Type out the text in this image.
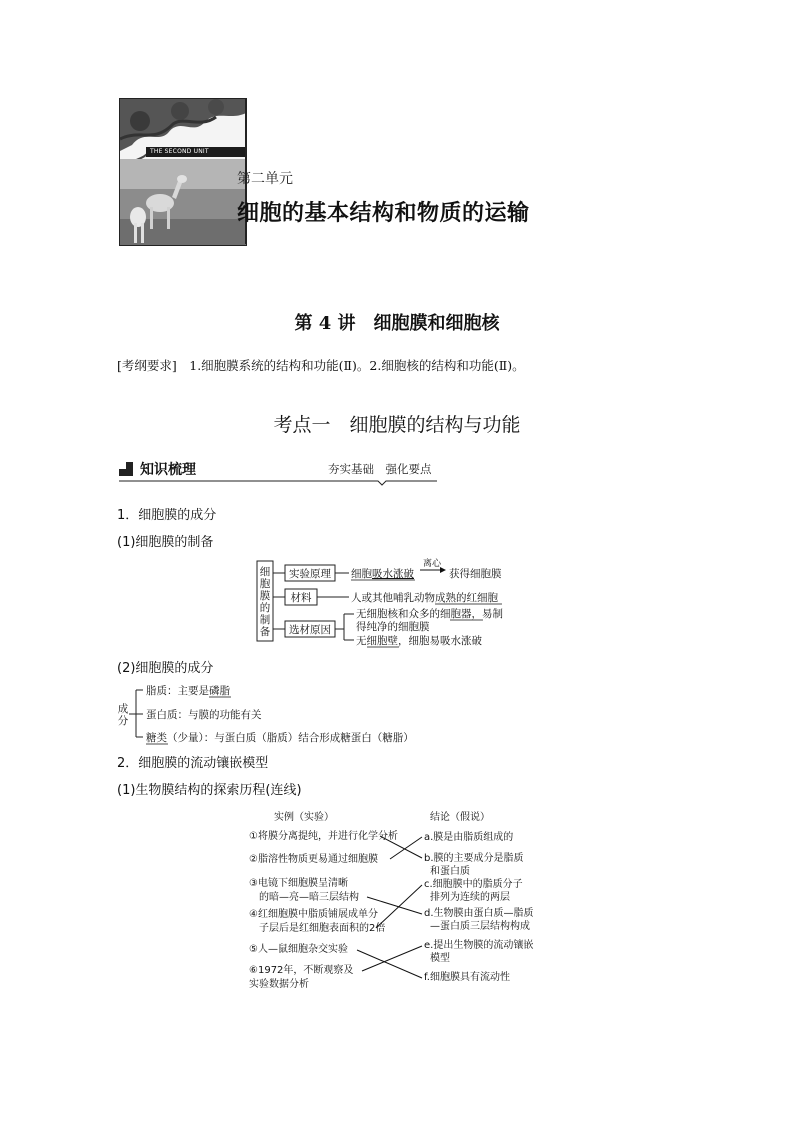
THE SECOND UNIT
第二单元
细胞的基本结构和物质的运输
第 4 讲　细胞膜和细胞核
[考纲要求]　1.细胞膜系统的结构和功能(Ⅱ)。2.细胞核的结构和功能(Ⅱ)。
考点一　细胞膜的结构与功能
知识梳理	夯实基础　强化要点
1．细胞膜的成分
(1)细胞膜的制备
(2)细胞膜的成分
2．细胞膜的流动镶嵌模型
(1)生物膜结构的探索历程(连线)
细
胞
膜
的
制
备
实验原理
材料
选材原因
细胞吸水涨破
离心
获得细胞膜
人或其他哺乳动物成熟的红细胞
无细胞核和众多的细胞器，易制
得纯净的细胞膜
无细胞壁，细胞易吸水涨破
成
分
脂质：主要是磷脂
蛋白质：与膜的功能有关
糖类（少量）：与蛋白质（脂质）结合形成糖蛋白（糖脂）
实例（实验）	结论（假说）
①将膜分离提纯，并进行化学分析
②脂溶性物质更易通过细胞膜
③电镜下细胞膜呈清晰
的暗—亮—暗三层结构
④红细胞膜中脂质铺展成单分
子层后是红细胞表面积的2倍
⑤人—鼠细胞杂交实验
⑥1972年，不断观察及
实验数据分析
a.膜是由脂质组成的
b.膜的主要成分是脂质
和蛋白质
c.细胞膜中的脂质分子
排列为连续的两层
d.生物膜由蛋白质—脂质
—蛋白质三层结构构成
e.提出生物膜的流动镶嵌
模型
f.细胞膜具有流动性
